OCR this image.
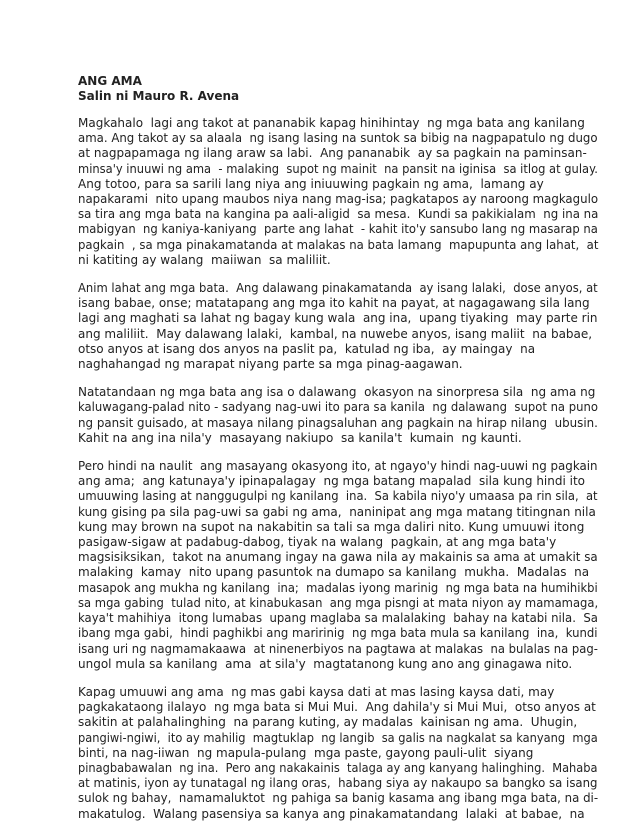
ANG AMA
Salin ni Mauro R. Avena
Magkahalo  lagi ang takot at pananabik kapag hinihintay  ng mga bata ang kanilang
ama. Ang takot ay sa alaala  ng isang lasing na suntok sa bibig na nagpapatulo ng dugo
at nagpapamaga ng ilang araw sa labi.  Ang pananabik  ay sa pagkain na paminsan-
minsa'y inuuwi ng ama  - malaking  supot ng mainit  na pansit na iginisa  sa itlog at gulay.
Ang totoo, para sa sarili lang niya ang iniuuwing pagkain ng ama,  lamang ay
napakarami  nito upang maubos niya nang mag-isa; pagkatapos ay naroong magkagulo
sa tira ang mga bata na kangina pa aali-aligid  sa mesa.  Kundi sa pakikialam  ng ina na
mabigyan  ng kaniya-kaniyang  parte ang lahat  - kahit ito'y sansubo lang ng masarap na
pagkain  , sa mga pinakamatanda at malakas na bata lamang  mapupunta ang lahat,  at
ni katiting ay walang  maiiwan  sa maliliit.
Anim lahat ang mga bata.  Ang dalawang pinakamatanda  ay isang lalaki,  dose anyos, at
isang babae, onse; matatapang ang mga ito kahit na payat, at nagagawang sila lang
lagi ang maghati sa lahat ng bagay kung wala  ang ina,  upang tiyaking  may parte rin
ang maliliit.  May dalawang lalaki,  kambal, na nuwebe anyos, isang maliit  na babae,
otso anyos at isang dos anyos na paslit pa,  katulad ng iba,  ay maingay  na
naghahangad ng marapat niyang parte sa mga pinag-aagawan.
Natatandaan ng mga bata ang isa o dalawang  okasyon na sinorpresa sila  ng ama ng
kaluwagang-palad nito - sadyang nag-uwi ito para sa kanila  ng dalawang  supot na puno
ng pansit guisado, at masaya nilang pinagsaluhan ang pagkain na hirap nilang  ubusin.
Kahit na ang ina nila'y  masayang nakiupo  sa kanila't  kumain  ng kaunti.
Pero hindi na naulit  ang masayang okasyong ito, at ngayo'y hindi nag-uuwi ng pagkain
ang ama;  ang katunaya'y ipinapalagay  ng mga batang mapalad  sila kung hindi ito
umuuwing lasing at nanggugulpi ng kanilang  ina.  Sa kabila niyo'y umaasa pa rin sila,  at
kung gising pa sila pag-uwi sa gabi ng ama,  naninipat ang mga matang titingnan nila
kung may brown na supot na nakabitin sa tali sa mga daliri nito. Kung umuuwi itong
pasigaw-sigaw at padabug-dabog, tiyak na walang  pagkain, at ang mga bata'y
magsisiksikan,  takot na anumang ingay na gawa nila ay makainis sa ama at umakit sa
malaking  kamay  nito upang pasuntok na dumapo sa kanilang  mukha.  Madalas  na
masapok ang mukha ng kanilang  ina;  madalas iyong marinig  ng mga bata na humihikbi
sa mga gabing  tulad nito, at kinabukasan  ang mga pisngi at mata niyon ay mamamaga,
kaya't mahihiya  itong lumabas  upang maglaba sa malalaking  bahay na katabi nila.  Sa
ibang mga gabi,  hindi paghikbi ang maririnig  ng mga bata mula sa kanilang  ina,  kundi
isang uri ng nagmamakaawa  at ninenerbiyos na pagtawa at malakas  na bulalas na pag-
ungol mula sa kanilang  ama  at sila'y  magtatanong kung ano ang ginagawa nito.
Kapag umuuwi ang ama  ng mas gabi kaysa dati at mas lasing kaysa dati, may
pagkakataong ilalayo  ng mga bata si Mui Mui.  Ang dahila'y si Mui Mui,  otso anyos at
sakitin at palahalinghing  na parang kuting, ay madalas  kainisan ng ama.  Uhugin,
pangiwi-ngiwi,  ito ay mahilig  magtuklap  ng langib  sa galis na nagkalat sa kanyang  mga
binti, na nag-iiwan  ng mapula-pulang  mga paste, gayong pauli-ulit  siyang
pinagbabawalan  ng ina.  Pero ang nakakainis  talaga ay ang kanyang halinghing.  Mahaba
at matinis, iyon ay tunatagal ng ilang oras,  habang siya ay nakaupo sa bangko sa isang
sulok ng bahay,  namamaluktot  ng pahiga sa banig kasama ang ibang mga bata, na di-
makatulog.  Walang pasensiya sa kanya ang pinakamatandang  lalaki  at babae,  na
